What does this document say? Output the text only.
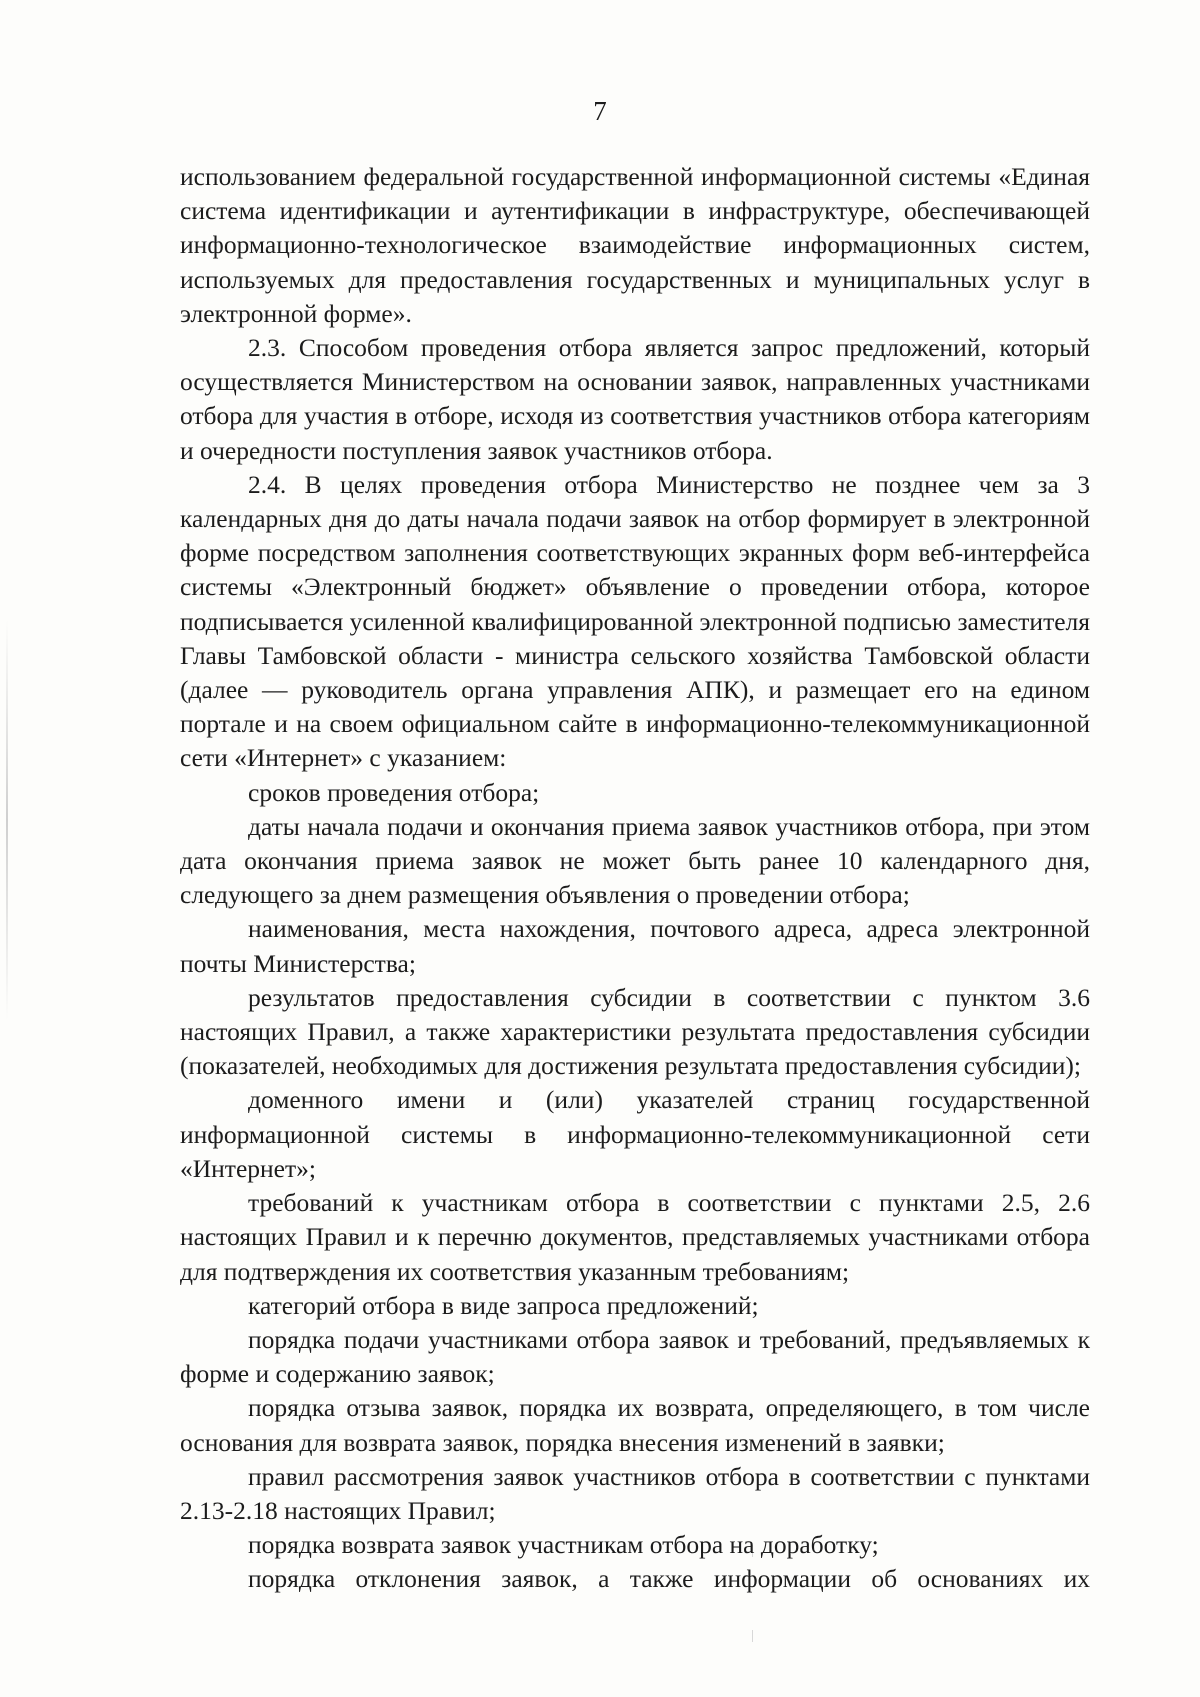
7

использованием федеральной государственной информационной системы «Единая система идентификации и аутентификации в инфраструктуре, обеспечивающей информационно-технологическое взаимодействие информационных систем, используемых для предоставления государственных и муниципальных услуг в электронной форме».

2.3. Способом проведения отбора является запрос предложений, который осуществляется Министерством на основании заявок, направленных участниками отбора для участия в отборе, исходя из соответствия участников отбора категориям и очередности поступления заявок участников отбора.

2.4. В целях проведения отбора Министерство не позднее чем за 3 календарных дня до даты начала подачи заявок на отбор формирует в электронной форме посредством заполнения соответствующих экранных форм веб-интерфейса системы «Электронный бюджет» объявление о проведении отбора, которое подписывается усиленной квалифицированной электронной подписью заместителя Главы Тамбовской области - министра сельского хозяйства Тамбовской области (далее — руководитель органа управления АПК), и размещает его на едином портале и на своем официальном сайте в информационно-телекоммуникационной сети «Интернет» с указанием:

сроков проведения отбора;

даты начала подачи и окончания приема заявок участников отбора, при этом дата окончания приема заявок не может быть ранее 10 календарного дня, следующего за днем размещения объявления о проведении отбора;

наименования, места нахождения, почтового адреса, адреса электронной почты Министерства;

результатов предоставления субсидии в соответствии с пунктом 3.6 настоящих Правил, а также характеристики результата предоставления субсидии (показателей, необходимых для достижения результата предоставления субсидии);

доменного имени и (или) указателей страниц государственной информационной системы в информационно-телекоммуникационной сети «Интернет»;

требований к участникам отбора в соответствии с пунктами 2.5, 2.6 настоящих Правил и к перечню документов, представляемых участниками отбора для подтверждения их соответствия указанным требованиям;

категорий отбора в виде запроса предложений;

порядка подачи участниками отбора заявок и требований, предъявляемых к форме и содержанию заявок;

порядка отзыва заявок, порядка их возврата, определяющего, в том числе основания для возврата заявок, порядка внесения изменений в заявки;

правил рассмотрения заявок участников отбора в соответствии с пунктами 2.13-2.18 настоящих Правил;

порядка возврата заявок участникам отбора на доработку;

порядка отклонения заявок, а также информации об основаниях их
